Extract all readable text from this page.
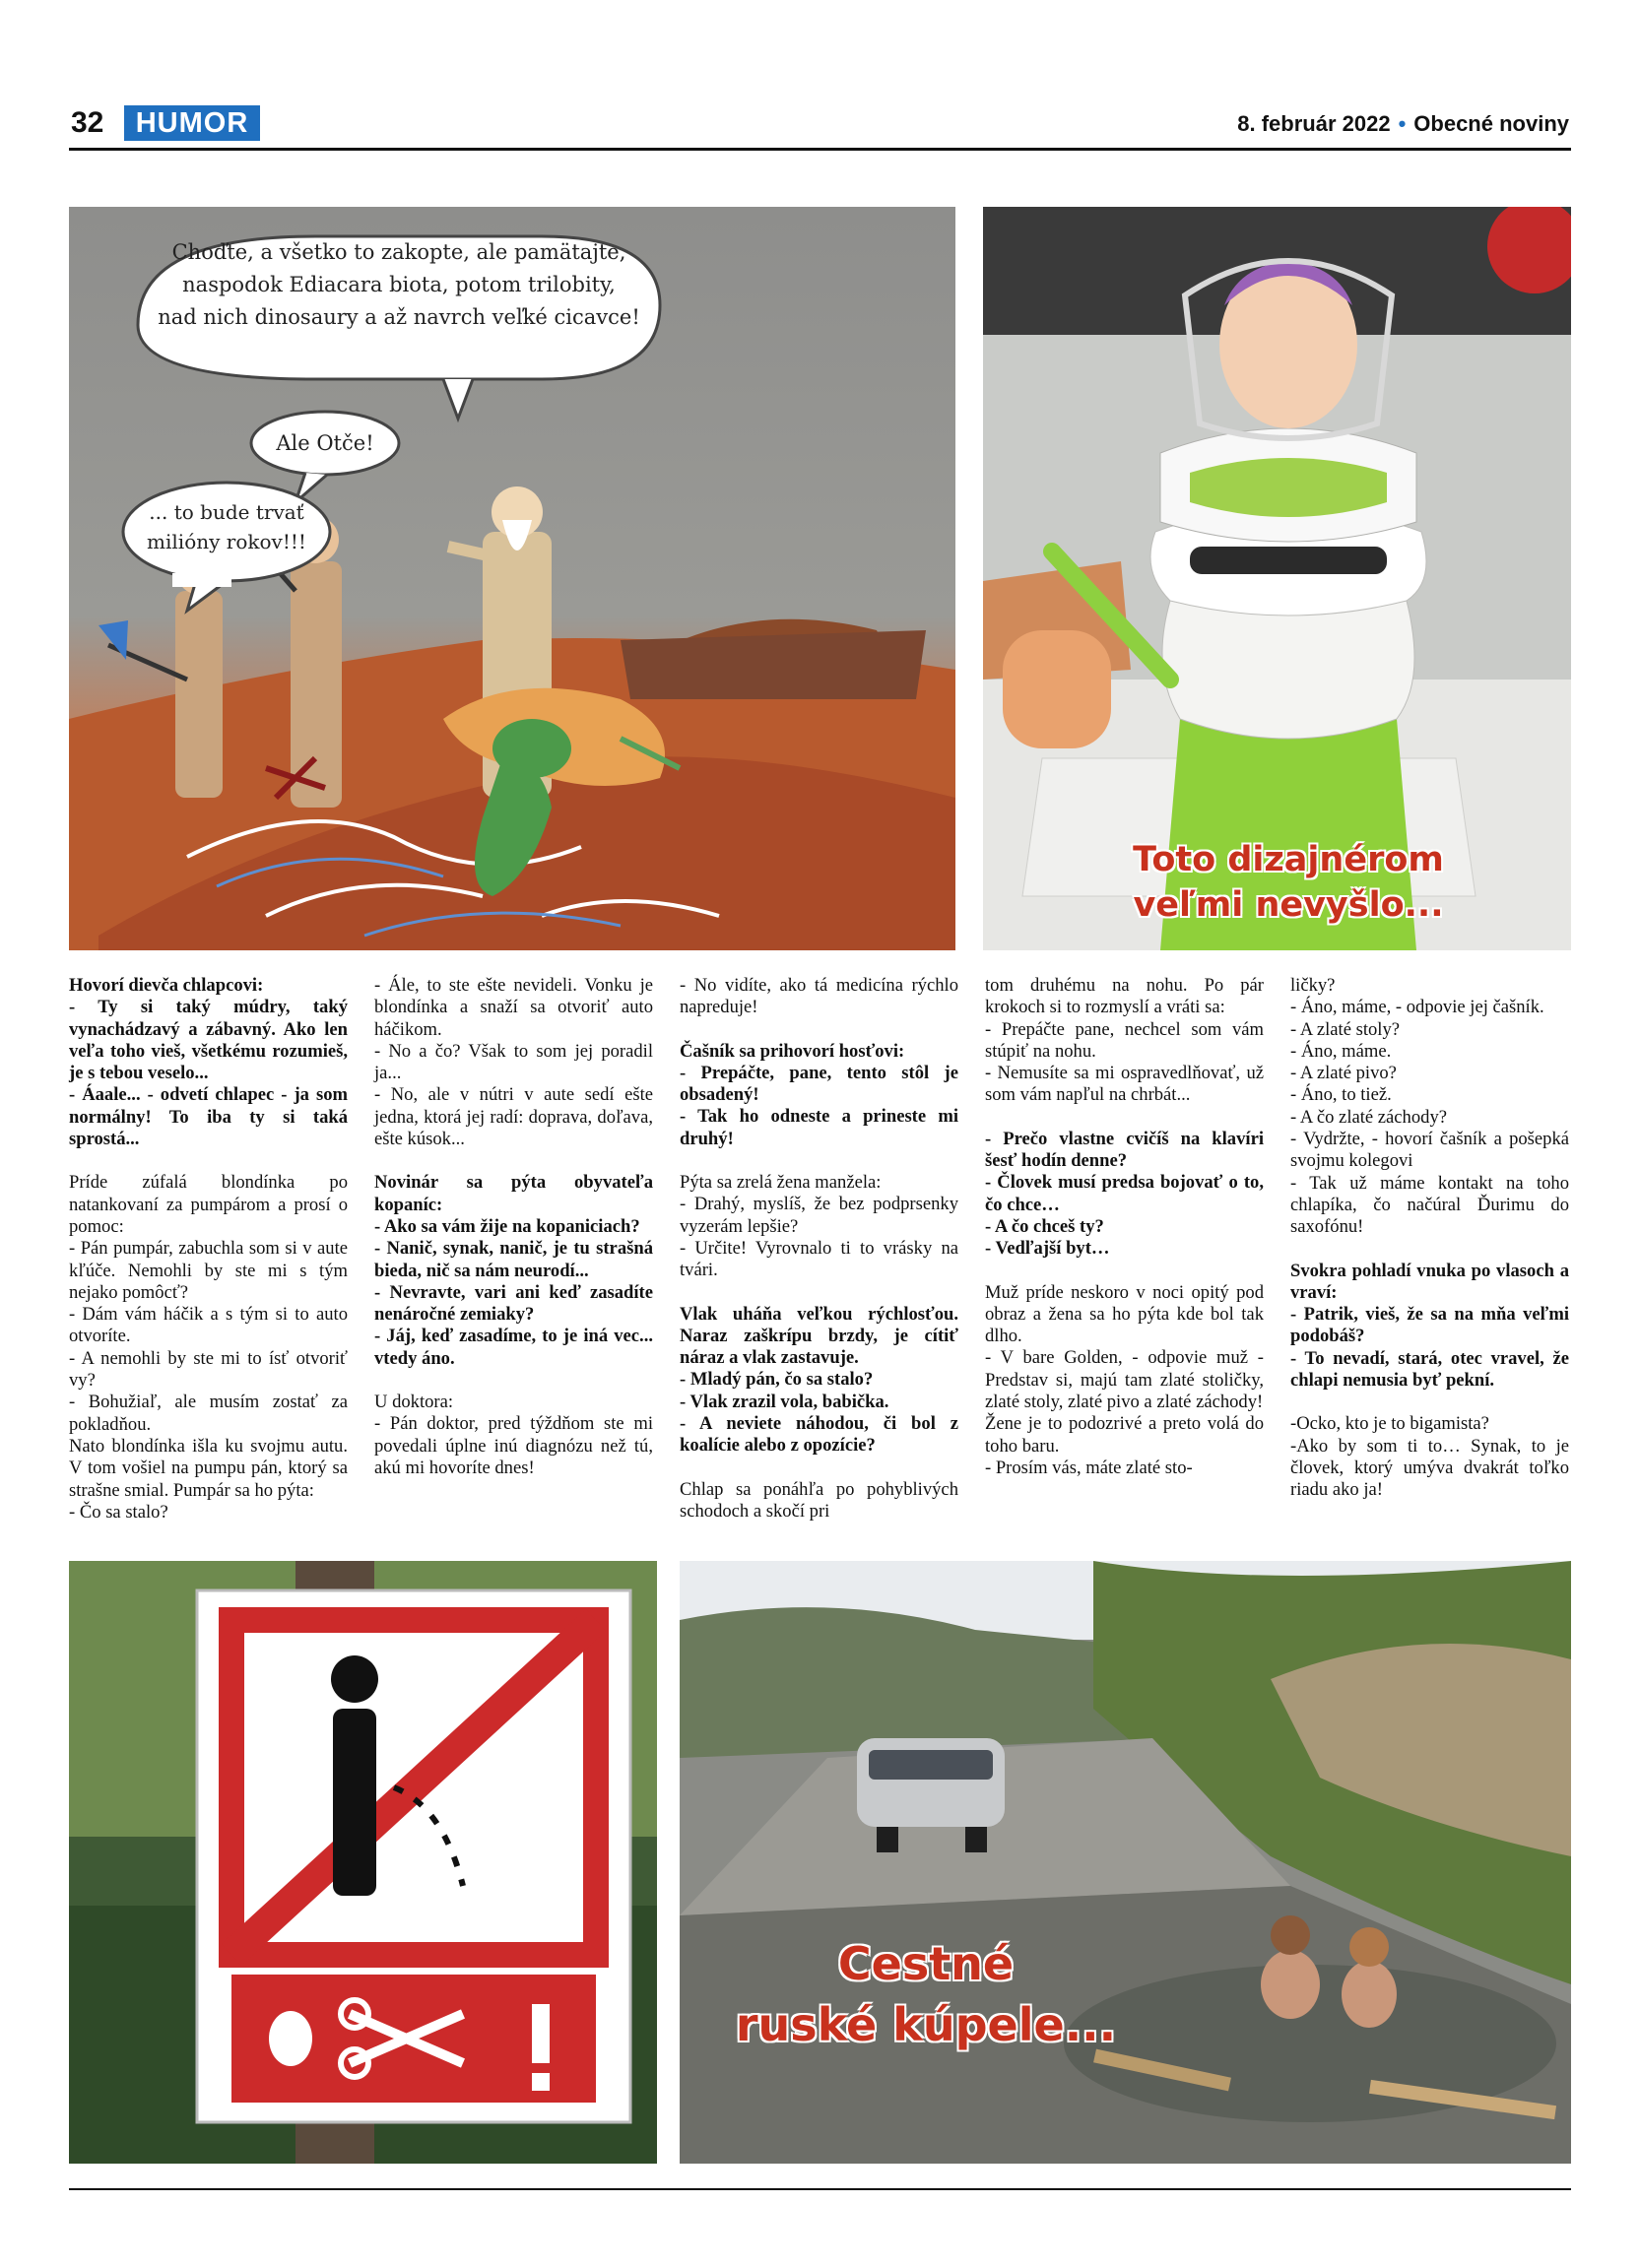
32	HUMOR	8. február 2022 • Obecné noviny
Choďte, a všetko to zakopte, ale pamätajte,
naspodok Ediacara biota, potom trilobity,
nad nich dinosaury a až navrch veľké cicavce!
Ale Otče!
... to bude trvať
milióny rokov!!!
Toto dizajnérom
veľmi nevyšlo...

Hovorí dievča chlapcovi:
- Ty si taký múdry, taký vynachádzavý a zábavný. Ako len veľa toho vieš, všetkému rozumieš, je s tebou veselo...
- Áaale... - odvetí chlapec - ja som normálny! To iba ty si taká sprostá...

Príde zúfalá blondínka po natankovaní za pumpárom a prosí o pomoc:
- Pán pumpár, zabuchla som si v aute kľúče. Nemohli by ste mi s tým nejako pomôcť?
- Dám vám háčik a s tým si to auto otvoríte.
- A nemohli by ste mi to ísť otvoriť vy?
- Bohužiaľ, ale musím zostať za pokladňou.
Nato blondínka išla ku svojmu autu. V tom vošiel na pumpu pán, ktorý sa strašne smial. Pumpár sa ho pýta:
- Čo sa stalo?

- Ále, to ste ešte nevideli. Vonku je blondínka a snaží sa otvoriť auto háčikom.
- No a čo? Však to som jej poradil ja...
- No, ale v nútri v aute sedí ešte jedna, ktorá jej radí: doprava, doľava, ešte kúsok...

Novinár sa pýta obyvateľa kopaníc:
- Ako sa vám žije na kopaniciach?
- Nanič, synak, nanič, je tu strašná bieda, nič sa nám neurodí...
- Nevravte, vari ani keď zasadíte nenáročné zemiaky?
- Jáj, keď zasadíme, to je iná vec... vtedy áno.

U doktora:
- Pán doktor, pred týždňom ste mi povedali úplne inú diagnózu než tú, akú mi hovoríte dnes!

- No vidíte, ako tá medicína rýchlo napreduje!

Čašník sa prihovorí hosťovi:
- Prepáčte, pane, tento stôl je obsadený!
- Tak ho odneste a prineste mi druhý!

Pýta sa zrelá žena manžela:
- Drahý, myslíš, že bez podprsenky vyzerám lepšie?
- Určite! Vyrovnalo ti to vrásky na tvári.

Vlak uháňa veľkou rýchlosťou. Naraz zaškrípu brzdy, je cítiť náraz a vlak zastavuje.
- Mladý pán, čo sa stalo?
- Vlak zrazil vola, babička.
- A neviete náhodou, či bol z koalície alebo z opozície?

Chlap sa ponáhľa po pohyblivých schodoch a skočí pri

tom druhému na nohu. Po pár krokoch si to rozmyslí a vráti sa:
- Prepáčte pane, nechcel som vám stúpiť na nohu.
- Nemusíte sa mi ospravedlňovať, už som vám napľul na chrbát...

- Prečo vlastne cvičíš na klavíri šesť hodín denne?
- Človek musí predsa bojovať o to, čo chce…
- A čo chceš ty?
- Vedľajší byt…

Muž príde neskoro v noci opitý pod obraz a žena sa ho pýta kde bol tak dlho.
- V bare Golden, - odpovie muž - Predstav si, majú tam zlaté stoličky, zlaté stoly, zlaté pivo a zlaté záchody!
Žene je to podozrivé a preto volá do toho baru.
- Prosím vás, máte zlaté sto-

ličky?
- Áno, máme, - odpovie jej čašník.
- A zlaté stoly?
- Áno, máme.
- A zlaté pivo?
- Áno, to tiež.
- A čo zlaté záchody?
- Vydržte, - hovorí čašník a pošepká svojmu kolegovi
- Tak už máme kontakt na toho chlapíka, čo načúral Ďurimu do saxofónu!

Svokra pohladí vnuka po vlasoch a vraví:
- Patrik, vieš, že sa na mňa veľmi podobáš?
- To nevadí, stará, otec vravel, že chlapi nemusia byť pekní.

-Ocko, kto je to bigamista?
-Ako by som ti to… Synak, to je človek, ktorý umýva dvakrát toľko riadu ako ja!

Cestné
ruské kúpele...
